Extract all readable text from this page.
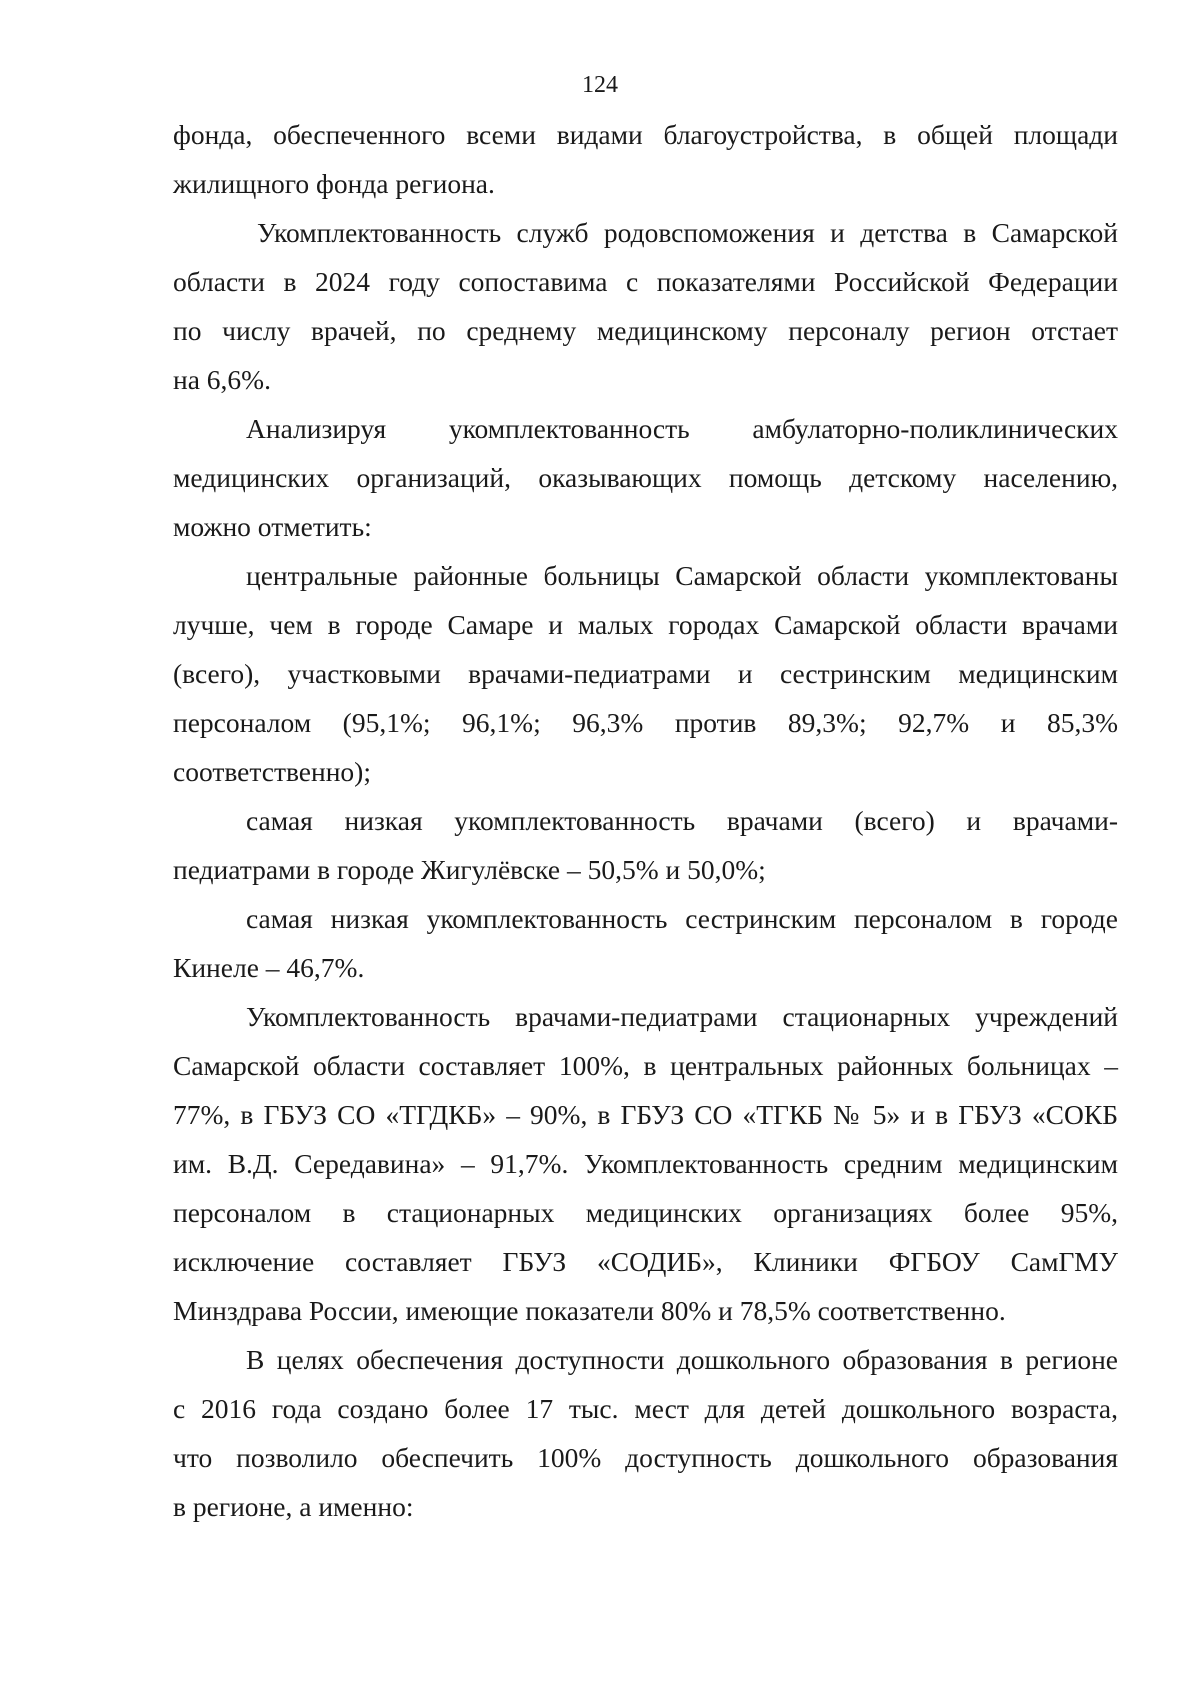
124
фонда, обеспеченного всеми видами благоустройства, в общей площади
жилищного фонда региона.
Укомплектованность служб родовспоможения и детства в Самарской
области в 2024 году сопоставима с показателями Российской Федерации
по числу врачей, по среднему медицинскому персоналу регион отстает
на 6,6%.
Анализируя укомплектованность амбулаторно-поликлинических
медицинских организаций, оказывающих помощь детскому населению,
можно отметить:
центральные районные больницы Самарской области укомплектованы
лучше, чем в городе Самаре и малых городах Самарской области врачами
(всего), участковыми врачами-педиатрами и сестринским медицинским
персоналом (95,1%; 96,1%; 96,3% против 89,3%; 92,7% и 85,3%
соответственно);
самая низкая укомплектованность врачами (всего) и врачами-
педиатрами в городе Жигулёвске – 50,5% и 50,0%;
самая низкая укомплектованность сестринским персоналом в городе
Кинеле – 46,7%.
Укомплектованность врачами-педиатрами стационарных учреждений
Самарской области составляет 100%, в центральных районных больницах –
77%, в ГБУЗ СО «ТГДКБ» – 90%, в ГБУЗ СО «ТГКБ № 5» и в ГБУЗ «СОКБ
им. В.Д. Середавина» – 91,7%. Укомплектованность средним медицинским
персоналом в стационарных медицинских организациях более 95%,
исключение составляет ГБУЗ «СОДИБ», Клиники ФГБОУ СамГМУ
Минздрава России, имеющие показатели 80% и 78,5% соответственно.
В целях обеспечения доступности дошкольного образования в регионе
с 2016 года создано более 17 тыс. мест для детей дошкольного возраста,
что позволило обеспечить 100% доступность дошкольного образования
в регионе, а именно:
